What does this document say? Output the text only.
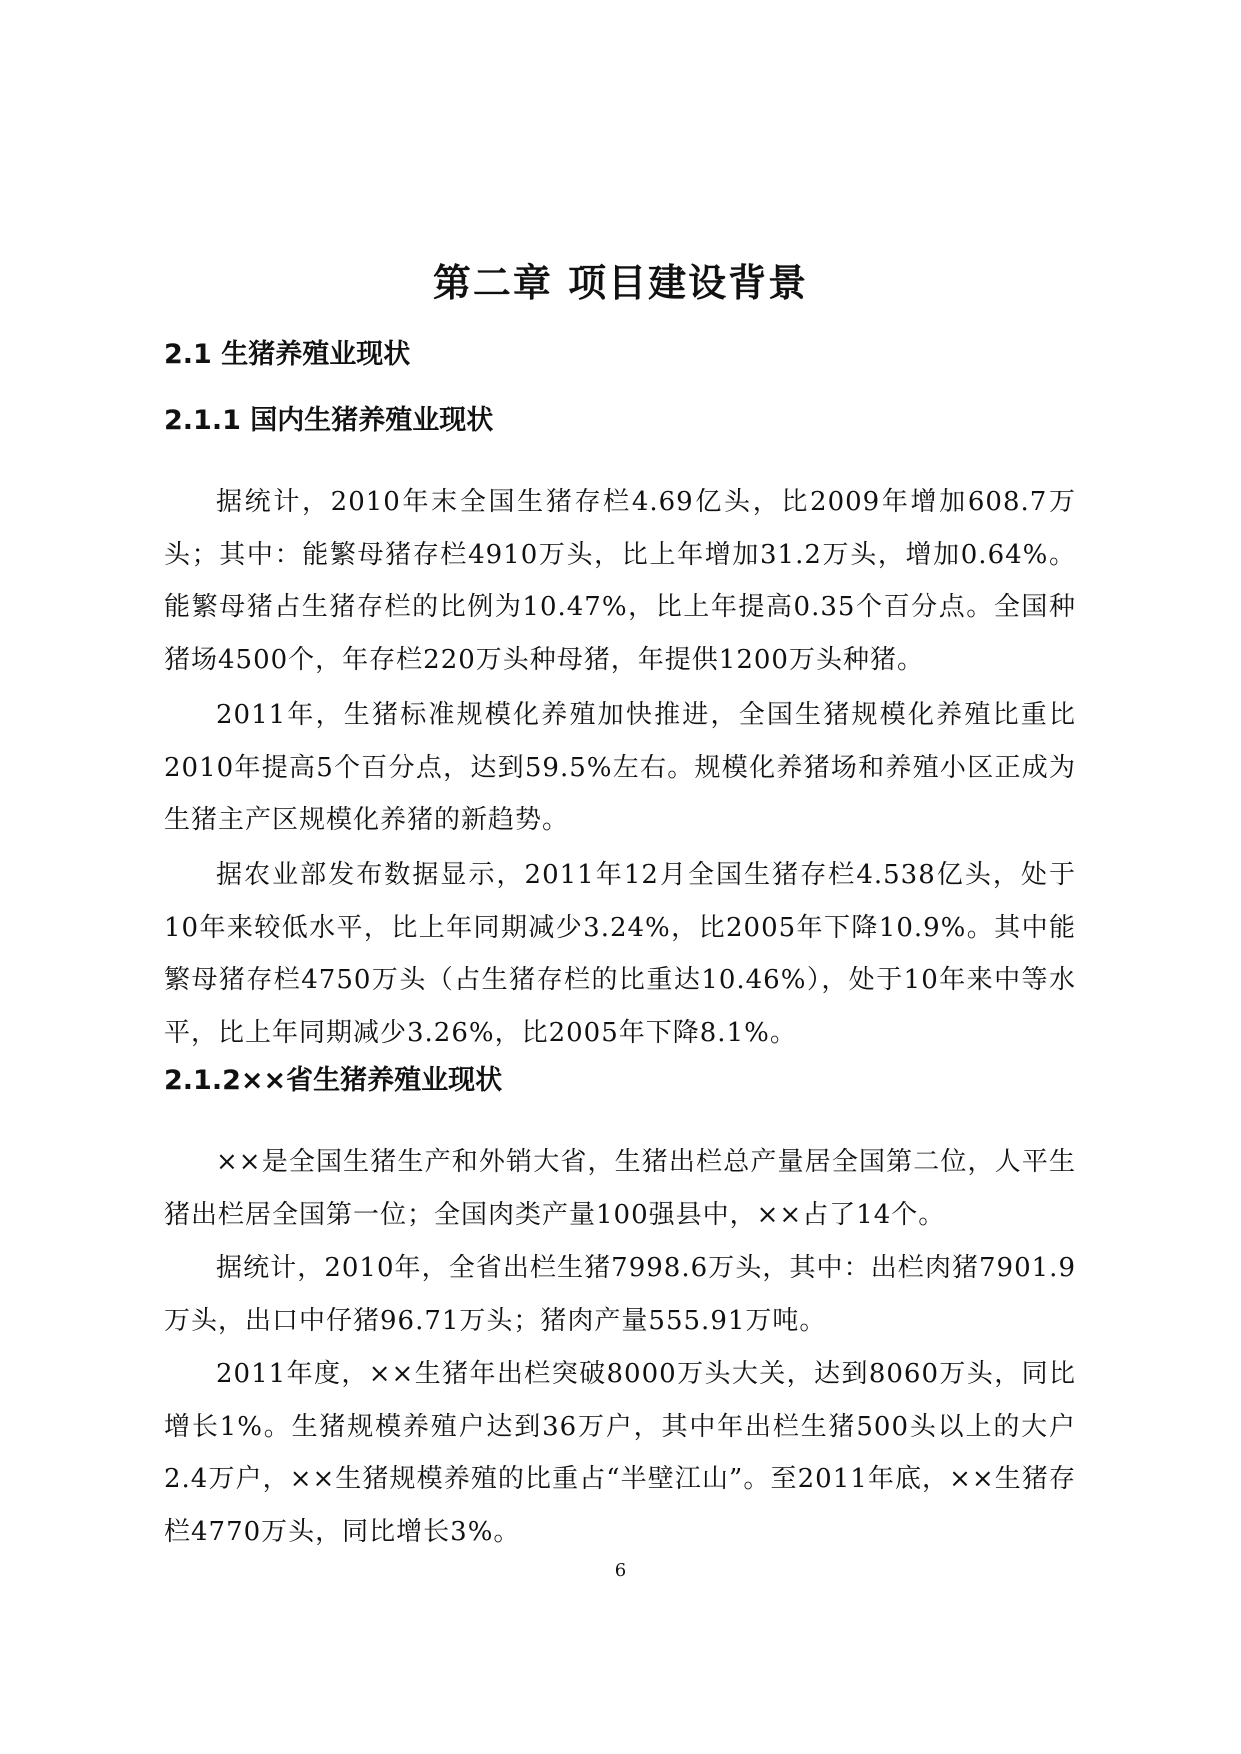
第二章 项目建设背景
2.1 生猪养殖业现状
2.1.1 国内生猪养殖业现状

据统计，2010年末全国生猪存栏4.69亿头，比2009年增加608.7万头；其中：能繁母猪存栏4910万头，比上年增加31.2万头，增加0.64%。能繁母猪占生猪存栏的比例为10.47%，比上年提高0.35个百分点。全国种猪场4500个，年存栏220万头种母猪，年提供1200万头种猪。

2011年，生猪标准规模化养殖加快推进，全国生猪规模化养殖比重比2010年提高5个百分点，达到59.5%左右。规模化养猪场和养殖小区正成为生猪主产区规模化养猪的新趋势。

据农业部发布数据显示，2011年12月全国生猪存栏4.538亿头，处于10年来较低水平，比上年同期减少3.24%，比2005年下降10.9%。其中能繁母猪存栏4750万头（占生猪存栏的比重达10.46%），处于10年来中等水平，比上年同期减少3.26%，比2005年下降8.1%。

2.1.2××省生猪养殖业现状

××是全国生猪生产和外销大省，生猪出栏总产量居全国第二位，人平生猪出栏居全国第一位；全国肉类产量100强县中，××占了14个。

据统计，2010年，全省出栏生猪7998.6万头，其中：出栏肉猪7901.9万头，出口中仔猪96.71万头；猪肉产量555.91万吨。

2011年度，××生猪年出栏突破8000万头大关，达到8060万头，同比增长1%。生猪规模养殖户达到36万户，其中年出栏生猪500头以上的大户2.4万户，××生猪规模养殖的比重占“半壁江山”。至2011年底，××生猪存栏4770万头，同比增长3%。

6
